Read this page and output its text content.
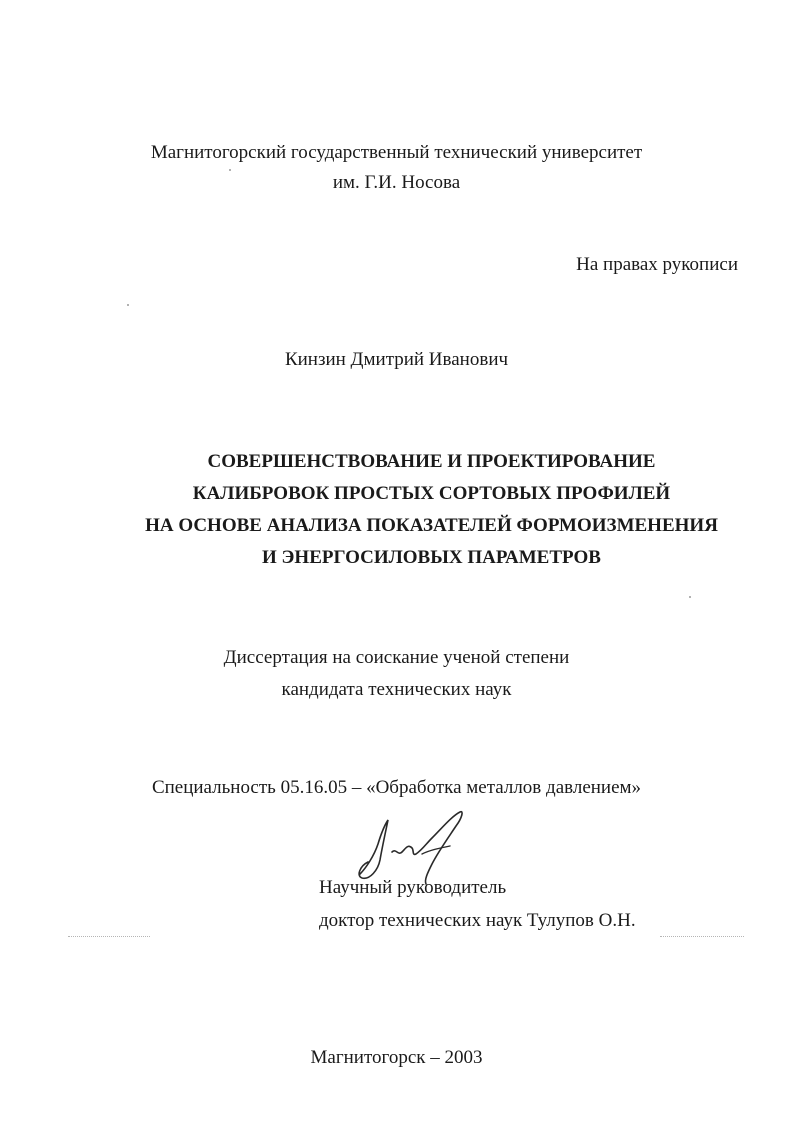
Магнитогорский государственный технический университет
им. Г.И. Носова
На правах рукописи
Кинзин Дмитрий Иванович
СОВЕРШЕНСТВОВАНИЕ И ПРОЕКТИРОВАНИЕ
КАЛИБРОВОК ПРОСТЫХ СОРТОВЫХ ПРОФИЛЕЙ
НА ОСНОВЕ АНАЛИЗА ПОКАЗАТЕЛЕЙ ФОРМОИЗМЕНЕНИЯ
И ЭНЕРГОСИЛОВЫХ ПАРАМЕТРОВ
Диссертация на соискание ученой степени
кандидата технических наук
Специальность 05.16.05 – «Обработка металлов давлением»
Научный руководитель
доктор технических наук Тулупов О.Н.
Магнитогорск – 2003
